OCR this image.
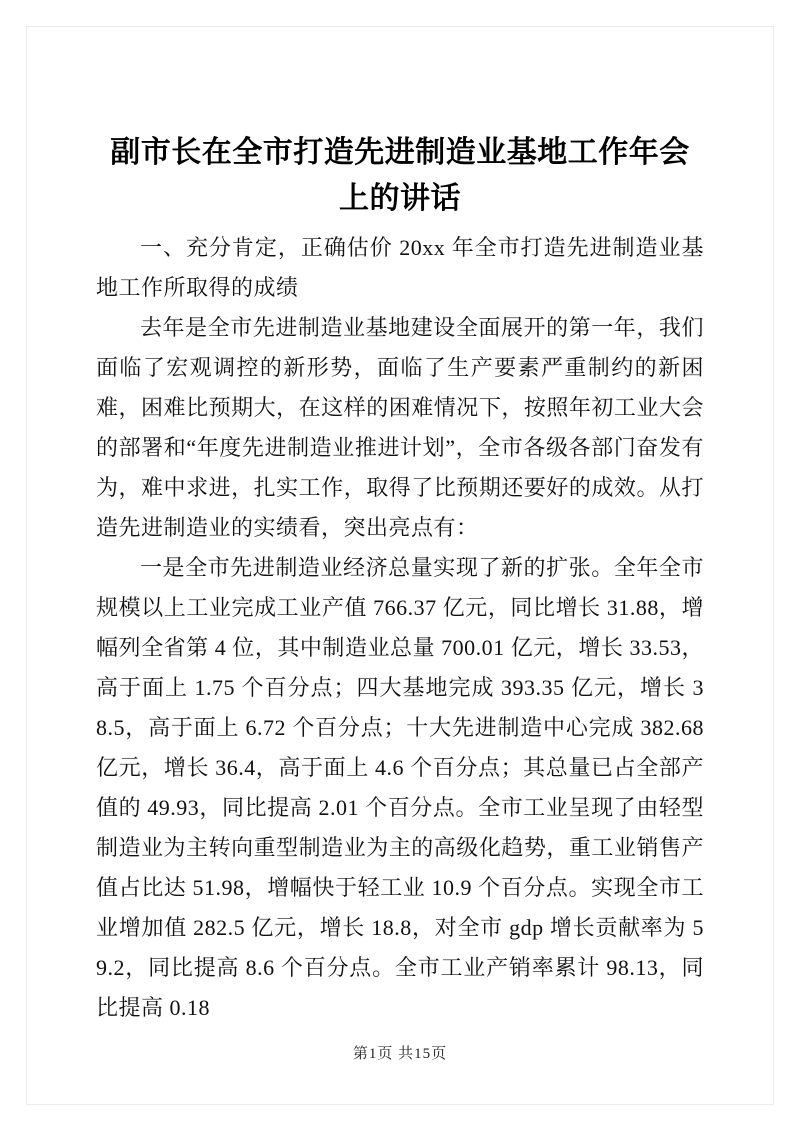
副市长在全市打造先进制造业基地工作年会上的讲话

一、充分肯定，正确估价 20xx 年全市打造先进制造业基地工作所取得的成绩

去年是全市先进制造业基地建设全面展开的第一年，我们面临了宏观调控的新形势，面临了生产要素严重制约的新困难，困难比预期大，在这样的困难情况下，按照年初工业大会的部署和“年度先进制造业推进计划”，全市各级各部门奋发有为，难中求进，扎实工作，取得了比预期还要好的成效。从打造先进制造业的实绩看，突出亮点有：

一是全市先进制造业经济总量实现了新的扩张。全年全市规模以上工业完成工业产值 766.37 亿元，同比增长 31.88，增幅列全省第 4 位，其中制造业总量 700.01 亿元，增长 33.53，高于面上 1.75 个百分点；四大基地完成 393.35 亿元，增长 38.5，高于面上 6.72 个百分点；十大先进制造中心完成 382.68 亿元，增长 36.4，高于面上 4.6 个百分点；其总量已占全部产值的 49.93，同比提高 2.01 个百分点。全市工业呈现了由轻型制造业为主转向重型制造业为主的高级化趋势，重工业销售产值占比达 51.98，增幅快于轻工业 10.9 个百分点。实现全市工业增加值 282.5 亿元，增长 18.8，对全市 gdp 增长贡献率为 59.2，同比提高 8.6 个百分点。全市工业产销率累计 98.13，同比提高 0.18

第1页 共15页
